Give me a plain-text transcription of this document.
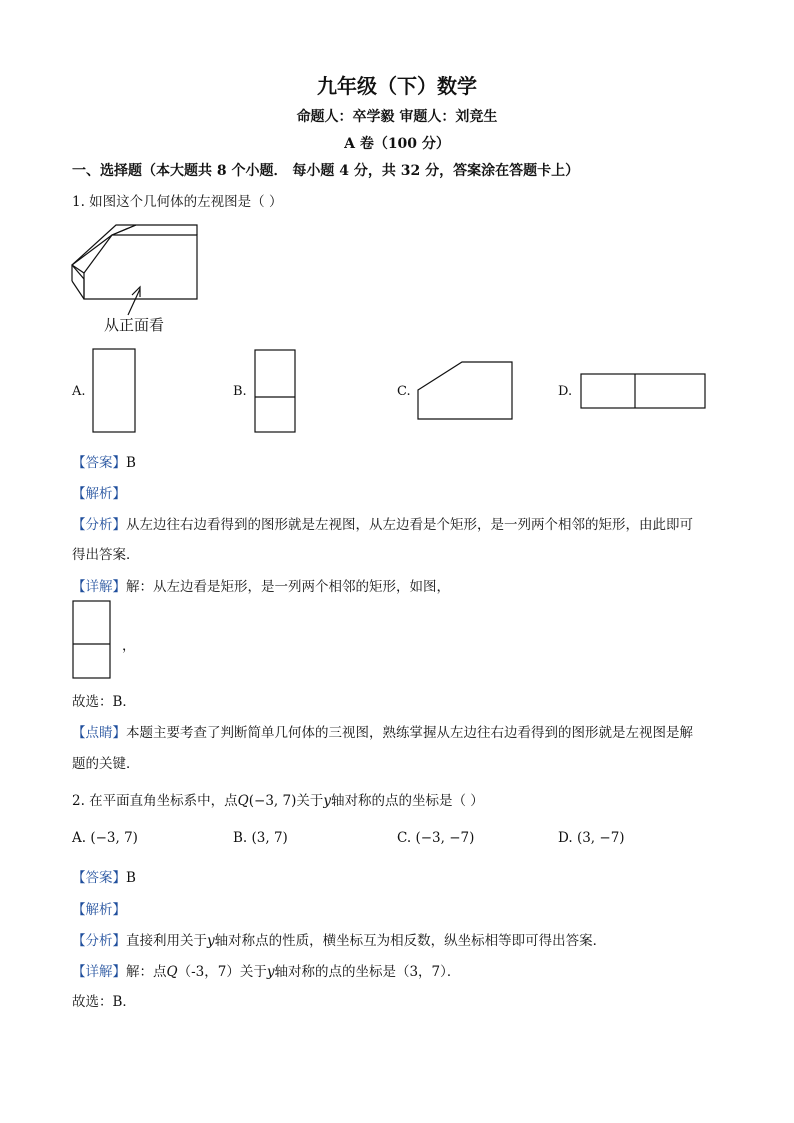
九年级（下）数学
命题人：卒学毅 审题人：刘竞生
A 卷（100 分）
一、选择题（本大题共 8 个小题． 每小题 4 分，共 32 分，答案涂在答题卡上）
1. 如图这个几何体的左视图是（ ）
从正面看
A.	B.	C.	D.
【答案】B
【解析】
【分析】从左边往右边看得到的图形就是左视图，从左边看是个矩形，是一列两个相邻的矩形，由此即可
得出答案．
【详解】解：从左边看是矩形，是一列两个相邻的矩形，如图，
，
故选：B．
【点睛】本题主要考查了判断简单几何体的三视图，熟练掌握从左边往右边看得到的图形就是左视图是解
题的关键．
2. 在平面直角坐标系中，点Q(−3, 7)关于y轴对称的点的坐标是（ ）
A. (−3, 7)	B. (3, 7)	C. (−3, −7)	D. (3, −7)
【答案】B
【解析】
【分析】直接利用关于y轴对称点的性质，横坐标互为相反数，纵坐标相等即可得出答案．
【详解】解：点Q（-3，7）关于y轴对称的点的坐标是（3，7）．
故选：B．
